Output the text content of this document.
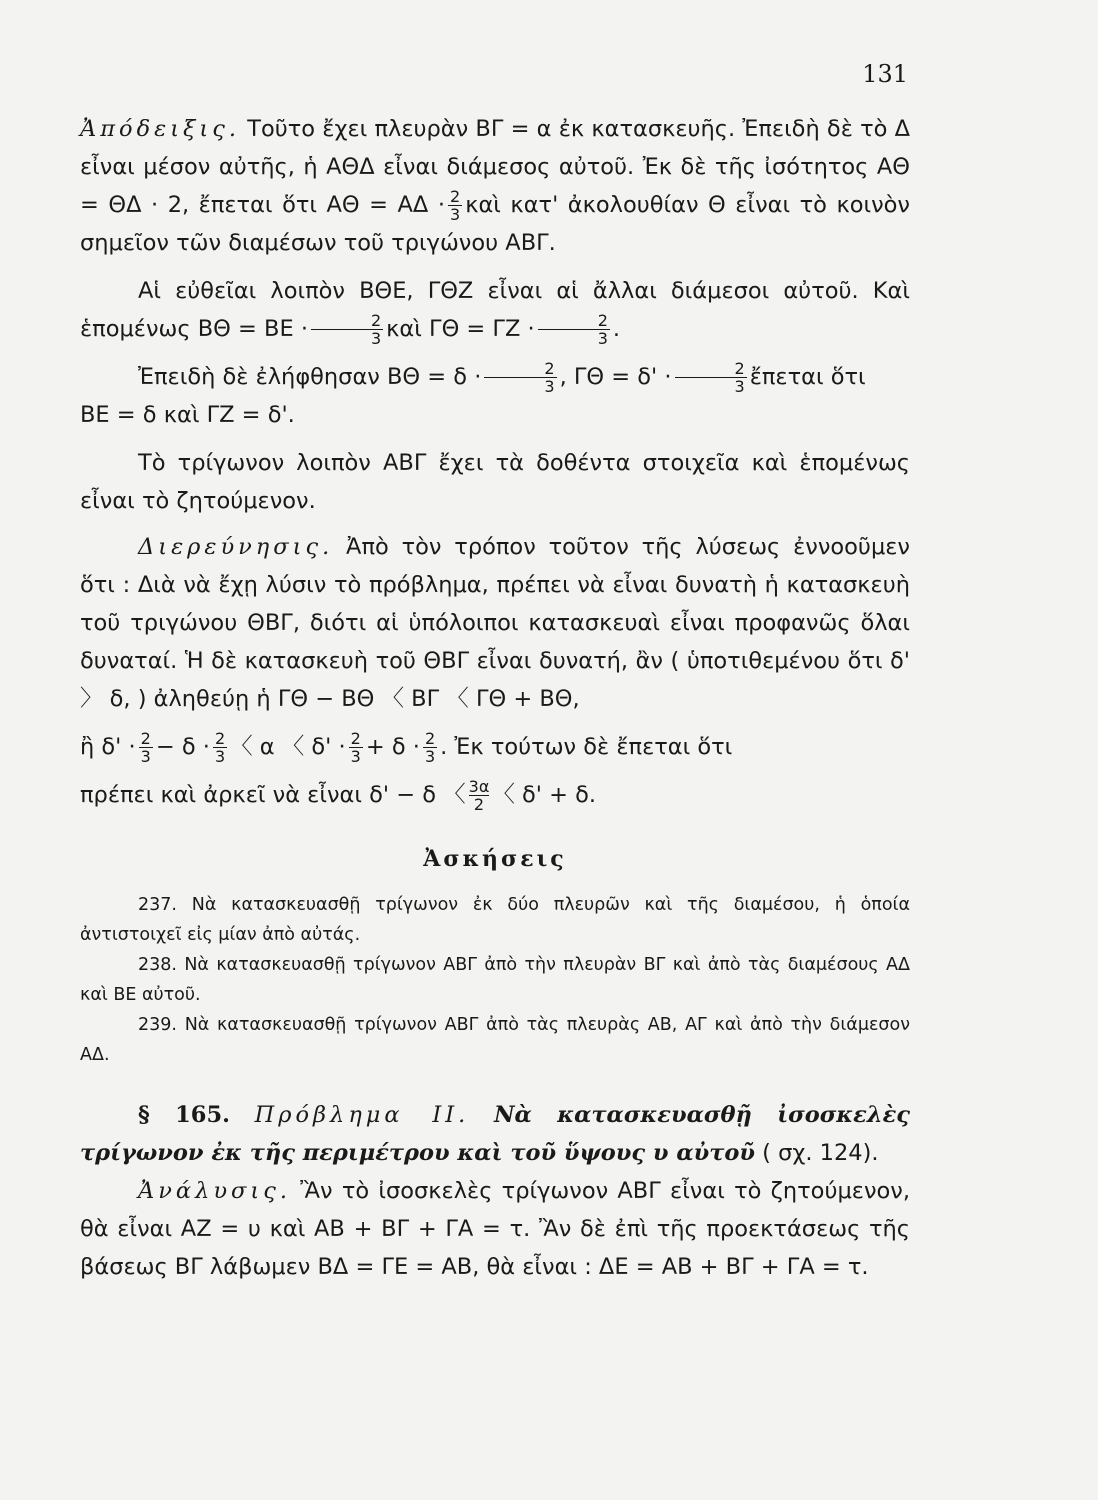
131

Ἀπόδειξις. Τοῦτο ἔχει πλευρὰν ΒΓ = α ἐκ κατασκευῆς. Ἐπειδὴ δὲ τὸ Δ εἶναι μέσον αὐτῆς, ἡ ΑΘΔ εἶναι διάμεσος αὐτοῦ. Ἐκ δὲ τῆς ἰσότητος ΑΘ = ΘΔ · 2, ἔπεται ὅτι $A\Theta = A\Delta \cdot \frac{2}{3}$ καὶ κατ' ἀκολουθίαν Θ εἶναι τὸ κοινὸν σημεῖον τῶν διαμέσων τοῦ τριγώνου ΑΒΓ.

Αἱ εὐθεῖαι λοιπὸν ΒΘΕ, ΓΘΖ εἶναι αἱ ἄλλαι διάμεσοι αὐτοῦ. Καὶ ἑπομένως $B\Theta = BE \cdot \frac{2}{3}$ καὶ $\Gamma\Theta = \Gamma Z \cdot \frac{2}{3}$ .

Ἐπειδὴ δὲ ἐλήφθησαν $B\Theta = \delta \cdot \frac{2}{3}$ , $\Gamma\Theta = \delta' \cdot \frac{2}{3}$ ἔπεται ὅτι
ΒΕ = δ καὶ ΓΖ = δ'.

Τὸ τρίγωνον λοιπὸν ΑΒΓ ἔχει τὰ δοθέντα στοιχεῖα καὶ ἑπομένως εἶναι τὸ ζητούμενον.

Διερεύνησις. Ἀπὸ τὸν τρόπον τοῦτον τῆς λύσεως ἐννοοῦμεν ὅτι : Διὰ νὰ ἔχῃ λύσιν τὸ πρόβλημα, πρέπει νὰ εἶναι δυνατὴ ἡ κατασκευὴ τοῦ τριγώνου ΘΒΓ, διότι αἱ ὑπόλοιποι κατασκευαὶ εἶναι προφανῶς ὅλαι δυναταί. Ἡ δὲ κατασκευὴ τοῦ ΘΒΓ εἶναι δυνατή, ἂν ( ὑποτιθεμένου ὅτι δ' 〉 δ, ) ἀληθεύῃ ἡ ΓΘ − ΒΘ 〈 ΒΓ 〈 ΓΘ + ΒΘ,

ἢ $\delta' \cdot \frac{2}{3} - \delta \cdot \frac{2}{3}$ 〈 α 〈 $\delta' \cdot \frac{2}{3} + \delta \cdot \frac{2}{3}$ . Ἐκ τούτων δὲ ἔπεται ὅτι

πρέπει καὶ ἀρκεῖ νὰ εἶναι δ' − δ 〈 $\frac{3\alpha}{2}$ 〈 δ' + δ.

Ἀσκήσεις

237. Νὰ κατασκευασθῇ τρίγωνον ἐκ δύο πλευρῶν καὶ τῆς διαμέσου, ἡ ὁποία ἀντιστοιχεῖ εἰς μίαν ἀπὸ αὐτάς.

238. Νὰ κατασκευασθῇ τρίγωνον ΑΒΓ ἀπὸ τὴν πλευρὰν ΒΓ καὶ ἀπὸ τὰς διαμέσους ΑΔ καὶ ΒΕ αὐτοῦ.

239. Νὰ κατασκευασθῇ τρίγωνον ΑΒΓ ἀπὸ τὰς πλευρὰς ΑΒ, ΑΓ καὶ ἀπὸ τὴν διάμεσον ΑΔ.

§ 165. Πρόβλημα ΙΙ. Νὰ κατασκευασθῇ ἰσοσκελὲς τρίγωνον ἐκ τῆς περιμέτρου καὶ τοῦ ὕψους υ αὐτοῦ ( σχ. 124).

Ἀνάλυσις. Ἂν τὸ ἰσοσκελὲς τρίγωνον ΑΒΓ εἶναι τὸ ζητούμενον, θὰ εἶναι ΑΖ = υ καὶ ΑΒ + ΒΓ + ΓΑ = τ. Ἂν δὲ ἐπὶ τῆς προεκτάσεως τῆς βάσεως ΒΓ λάβωμεν ΒΔ = ΓΕ = ΑΒ, θὰ εἶναι : ΔΕ = ΑΒ + ΒΓ + ΓΑ = τ.
